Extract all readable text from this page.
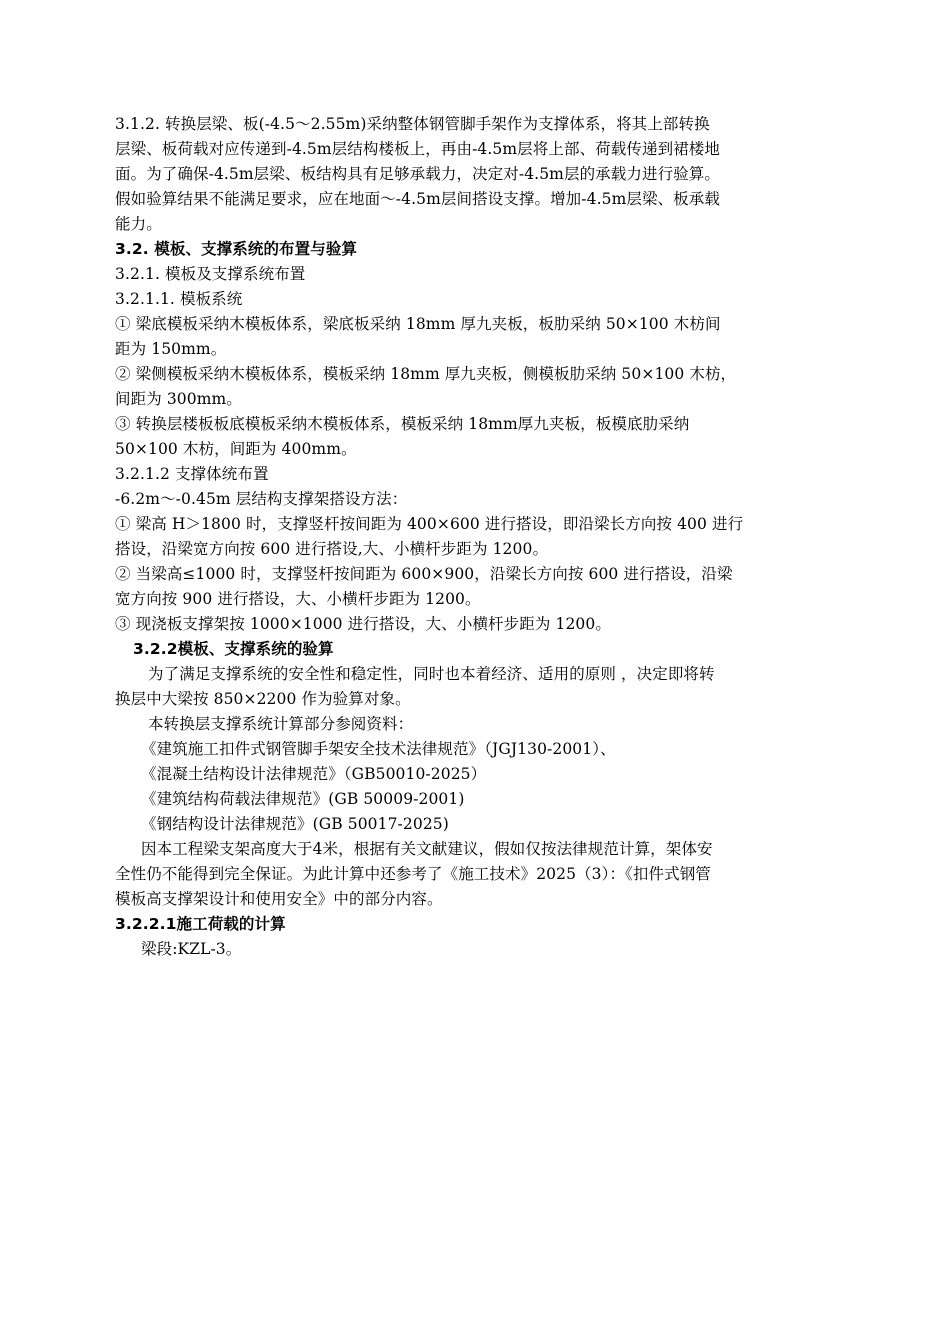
3.1.2. 转换层梁、板(-4.5～2.55m)采纳整体钢管脚手架作为支撑体系，将其上部转换
层梁、板荷载对应传递到-4.5m层结构楼板上，再由-4.5m层将上部、荷载传递到裙楼地
面。为了确保-4.5m层梁、板结构具有足够承载力，决定对-4.5m层的承载力进行验算。
假如验算结果不能满足要求，应在地面～-4.5m层间搭设支撑。增加-4.5m层梁、板承载
能力。
3.2. 模板、支撑系统的布置与验算
3.2.1. 模板及支撑系统布置
3.2.1.1. 模板系统
① 梁底模板采纳木模板体系，梁底板采纳 18mm 厚九夹板，板肋采纳 50×100 木枋间
距为 150mm。
② 梁侧模板采纳木模板体系，模板采纳 18mm 厚九夹板，侧模板肋采纳 50×100 木枋，
间距为 300mm。
③ 转换层楼板板底模板采纳木模板体系，模板采纳 18mm厚九夹板，板模底肋采纳
50×100 木枋，间距为 400mm。
3.2.1.2 支撑体统布置
-6.2m～-0.45m 层结构支撑架搭设方法：
① 梁高 H＞1800 时，支撑竖杆按间距为 400×600 进行搭设，即沿梁长方向按 400 进行
搭设，沿梁宽方向按 600 进行搭设,大、小横杆步距为 1200。
② 当梁高≤1000 时，支撑竖杆按间距为 600×900，沿梁长方向按 600 进行搭设，沿梁
宽方向按 900 进行搭设，大、小横杆步距为 1200。
③ 现浇板支撑架按 1000×1000 进行搭设，大、小横杆步距为 1200。
3.2.2模板、支撑系统的验算
为了满足支撑系统的安全性和稳定性，同时也本着经济、适用的原则 ，决定即将转
换层中大梁按 850×2200 作为验算对象。
本转换层支撑系统计算部分参阅资料：
《建筑施工扣件式钢管脚手架安全技术法律规范》（JGJ130-2001）、
《混凝土结构设计法律规范》（GB50010-2025）
《建筑结构荷载法律规范》(GB 50009-2001)
《钢结构设计法律规范》(GB 50017-2025)
因本工程梁支架高度大于4米，根据有关文献建议，假如仅按法律规范计算，架体安
全性仍不能得到完全保证。为此计算中还参考了《施工技术》2025（3）：《扣件式钢管
模板高支撑架设计和使用安全》中的部分内容。
3.2.2.1施工荷载的计算
梁段:KZL-3。
